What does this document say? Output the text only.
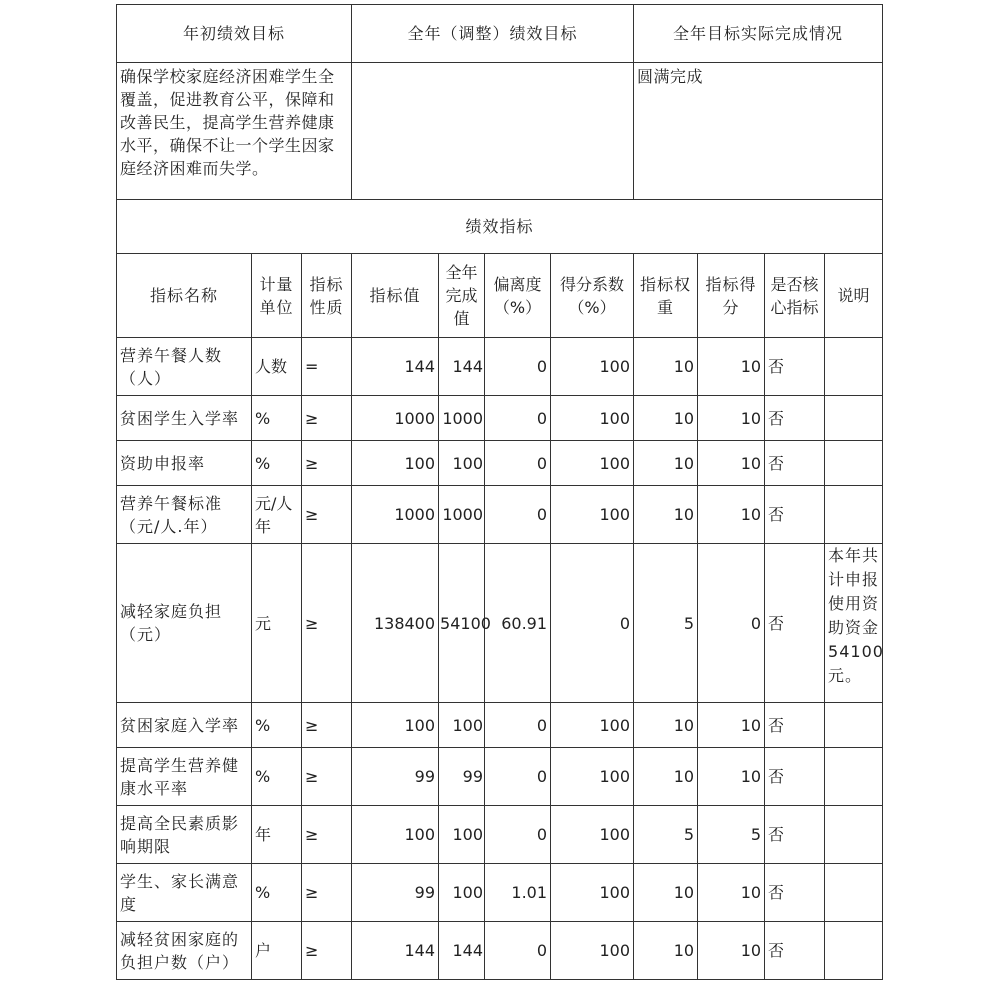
年初绩效目标			全年（调整）绩效目标				全年目标实际完成情况			
确保学校家庭经济困难学生全覆盖，促进教育公平，保障和改善民生，提高学生营养健康水平，确保不让一个学生因家庭经济困难而失学。							圆满完成			
绩效指标										
指标名称	计量单位	指标性质	指标值	全年完成值	偏离度（%）	得分系数（%）	指标权重	指标得分	是否核心指标	说明
营养午餐人数（人）	人数	=	144	144	0	100	10	10	否	
贫困学生入学率	%	≥	1000	1000	0	100	10	10	否	
资助申报率	%	≥	100	100	0	100	10	10	否	
营养午餐标准（元/人.年）	元/人年	≥	1000	1000	0	100	10	10	否	
减轻家庭负担（元）	元	≥	138400	54100	60.91	0	5	0	否	本年共计申报使用资助资金54100元。
贫困家庭入学率	%	≥	100	100	0	100	10	10	否	
提高学生营养健康水平率	%	≥	99	99	0	100	10	10	否	
提高全民素质影响期限	年	≥	100	100	0	100	5	5	否	
学生、家长满意度	%	≥	99	100	1.01	100	10	10	否	
减轻贫困家庭的负担户数（户）	户	≥	144	144	0	100	10	10	否	
